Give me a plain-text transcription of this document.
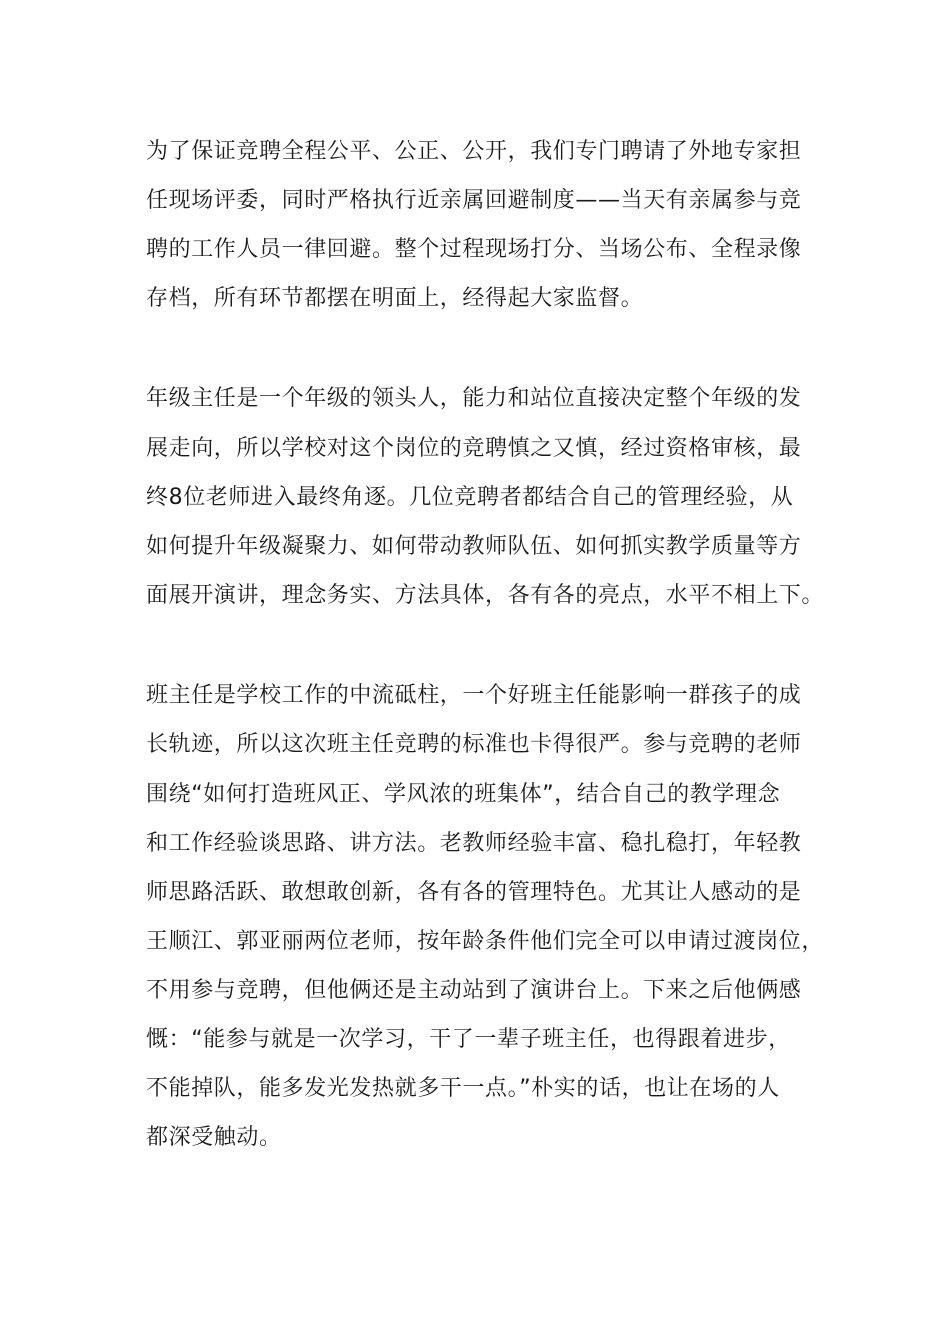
为了保证竞聘全程公平、公正、公开，我们专门聘请了外地专家担
任现场评委，同时严格执行近亲属回避制度——当天有亲属参与竞
聘的工作人员一律回避。整个过程现场打分、当场公布、全程录像
存档，所有环节都摆在明面上，经得起大家监督。
年级主任是一个年级的领头人，能力和站位直接决定整个年级的发
展走向，所以学校对这个岗位的竞聘慎之又慎，经过资格审核，最
终8位老师进入最终角逐。几位竞聘者都结合自己的管理经验，从
如何提升年级凝聚力、如何带动教师队伍、如何抓实教学质量等方
面展开演讲，理念务实、方法具体，各有各的亮点，水平不相上下。
班主任是学校工作的中流砥柱，一个好班主任能影响一群孩子的成
长轨迹，所以这次班主任竞聘的标准也卡得很严。参与竞聘的老师
围绕“如何打造班风正、学风浓的班集体”，结合自己的教学理念
和工作经验谈思路、讲方法。老教师经验丰富、稳扎稳打，年轻教
师思路活跃、敢想敢创新，各有各的管理特色。尤其让人感动的是
王顺江、郭亚丽两位老师，按年龄条件他们完全可以申请过渡岗位，
不用参与竞聘，但他俩还是主动站到了演讲台上。下来之后他俩感
慨：“能参与就是一次学习，干了一辈子班主任，也得跟着进步，
不能掉队，能多发光发热就多干一点。”朴实的话，也让在场的人
都深受触动。
